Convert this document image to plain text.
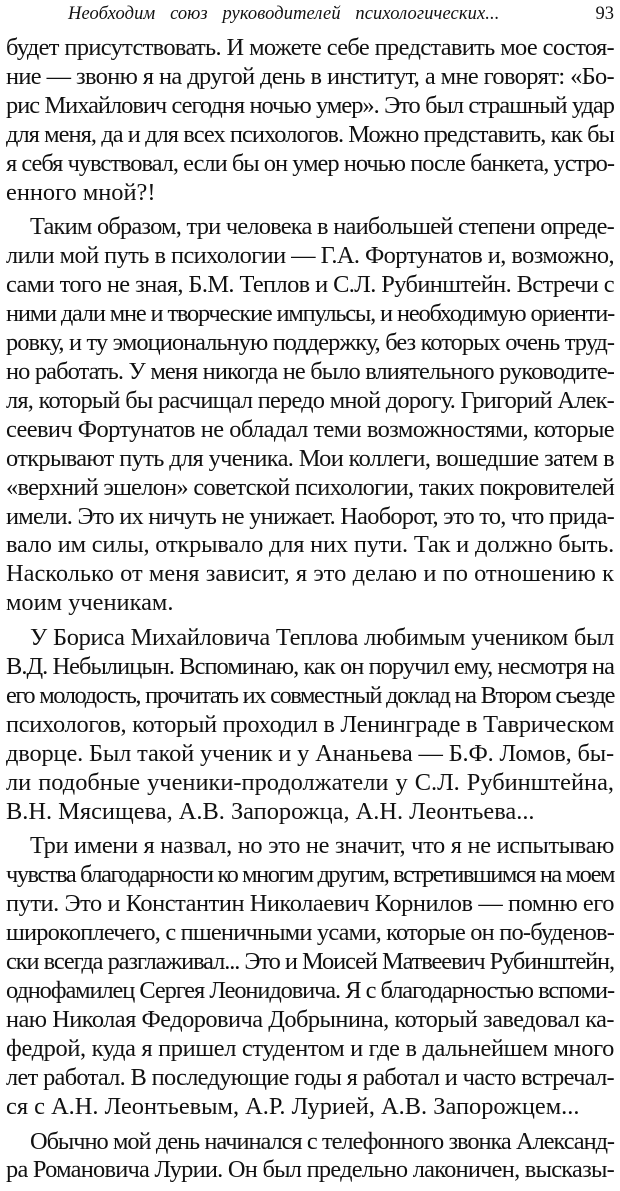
Необходим союз руководителей психологических...	93
будет присутствовать. И можете себе представить мое состоя-
ние — звоню я на другой день в институт, а мне говорят: «Бо-
рис Михайлович сегодня ночью умер». Это был страшный удар
для меня, да и для всех психологов. Можно представить, как бы
я себя чувствовал, если бы он умер ночью после банкета, устро-
енного мной?!
Таким образом, три человека в наибольшей степени опреде-
лили мой путь в психологии — Г.А. Фортунатов и, возможно,
сами того не зная, Б.М. Теплов и С.Л. Рубинштейн. Встречи с
ними дали мне и творческие импульсы, и необходимую ориенти-
ровку, и ту эмоциональную поддержку, без которых очень труд-
но работать. У меня никогда не было влиятельного руководите-
ля, который бы расчищал передо мной дорогу. Григорий Алек-
сеевич Фортунатов не обладал теми возможностями, которые
открывают путь для ученика. Мои коллеги, вошедшие затем в
«верхний эшелон» советской психологии, таких покровителей
имели. Это их ничуть не унижает. Наоборот, это то, что прида-
вало им силы, открывало для них пути. Так и должно быть.
Насколько от меня зависит, я это делаю и по отношению к
моим ученикам.
У Бориса Михайловича Теплова любимым учеником был
В.Д. Небылицын. Вспоминаю, как он поручил ему, несмотря на
его молодость, прочитать их совместный доклад на Втором съезде
психологов, который проходил в Ленинграде в Таврическом
дворце. Был такой ученик и у Ананьева — Б.Ф. Ломов, бы-
ли подобные ученики-продолжатели у С.Л. Рубинштейна,
В.Н. Мясищева, А.В. Запорожца, А.Н. Леонтьева...
Три имени я назвал, но это не значит, что я не испытываю
чувства благодарности ко многим другим, встретившимся на моем
пути. Это и Константин Николаевич Корнилов — помню его
широкоплечего, с пшеничными усами, которые он по-буденов-
ски всегда разглаживал... Это и Моисей Матвеевич Рубинштейн,
однофамилец Сергея Леонидовича. Я с благодарностью вспоми-
наю Николая Федоровича Добрынина, который заведовал ка-
федрой, куда я пришел студентом и где в дальнейшем много
лет работал. В последующие годы я работал и часто встречал-
ся с А.Н. Леонтьевым, А.Р. Лурией, А.В. Запорожцем...
Обычно мой день начинался с телефонного звонка Александ-
ра Романовича Лурии. Он был предельно лаконичен, высказы-
